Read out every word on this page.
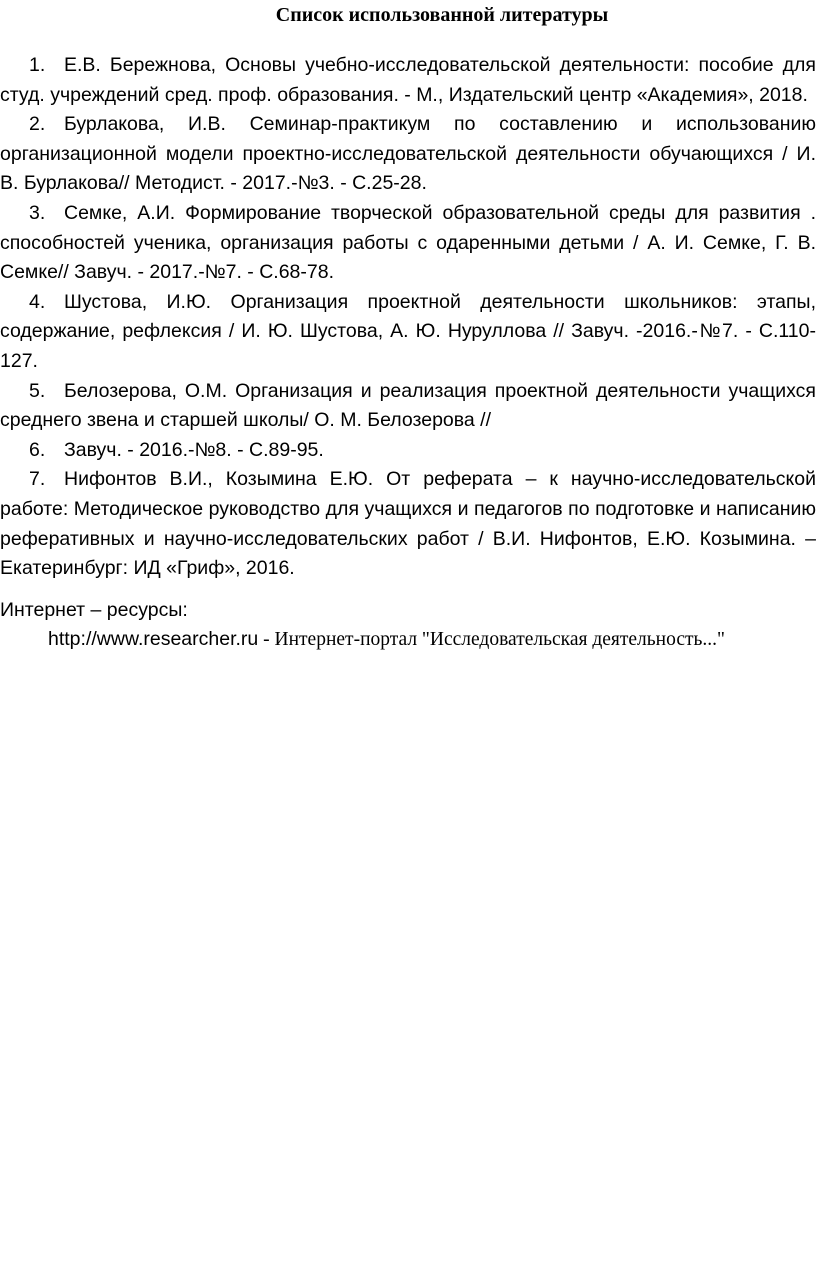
Список использованной литературы

1. Е.В. Бережнова, Основы учебно-исследовательской деятельности: пособие для студ. учреждений сред. проф. образования. - М., Издательский центр «Академия», 2018.

2. Бурлакова, И.В. Семинар-практикум по составлению и использованию организационной модели проектно-исследовательской деятельности обучающихся / И. В. Бурлакова// Методист. - 2017.-№3. - С.25-28.

3. Семке, А.И. Формирование творческой образовательной среды для развития . способностей ученика, организация работы с одаренными детьми / А. И. Семке, Г. В. Семке// Завуч. - 2017.-№7. - С.68-78.

4. Шустова, И.Ю. Организация проектной деятельности школьников: этапы, содержание, рефлексия / И. Ю. Шустова, А. Ю. Нуруллова // Завуч. -2016.-№7. - С.110-127.

5. Белозерова, О.М. Организация и реализация проектной деятельности учащихся среднего звена и старшей школы/ О. М. Белозерова //

6. Завуч. - 2016.-№8. - С.89-95.

7. Нифонтов В.И., Козымина Е.Ю. От реферата – к научно-исследовательской работе: Методическое руководство для учащихся и педагогов по подготовке и написанию реферативных и научно-исследовательских работ / В.И. Нифонтов, Е.Ю. Козымина. – Екатеринбург: ИД «Гриф», 2016.

Интернет – ресурсы:
http://www.researcher.ru - Интернет-портал "Исследовательская деятельность..."
